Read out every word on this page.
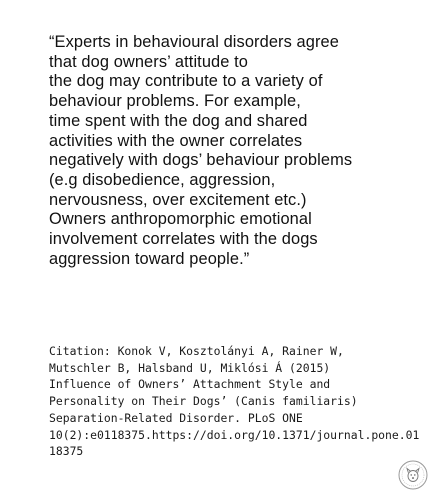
“Experts in behavioural disorders agree
that dog owners’ attitude to
the dog may contribute to a variety of
behaviour problems. For example,
time spent with the dog and shared
activities with the owner correlates
negatively with dogs’ behaviour problems
(e.g disobedience, aggression,
nervousness, over excitement etc.)
Owners anthropomorphic emotional
involvement correlates with the dogs
aggression toward people.”
Citation: Konok V, Kosztolányi A, Rainer W,
Mutschler B, Halsband U, Miklósi Á (2015)
Influence of Owners’ Attachment Style and
Personality on Their Dogs’ (Canis familiaris)
Separation-Related Disorder. PLoS ONE
10(2):e0118375.https://doi.org/10.1371/journal.pone.01
18375
